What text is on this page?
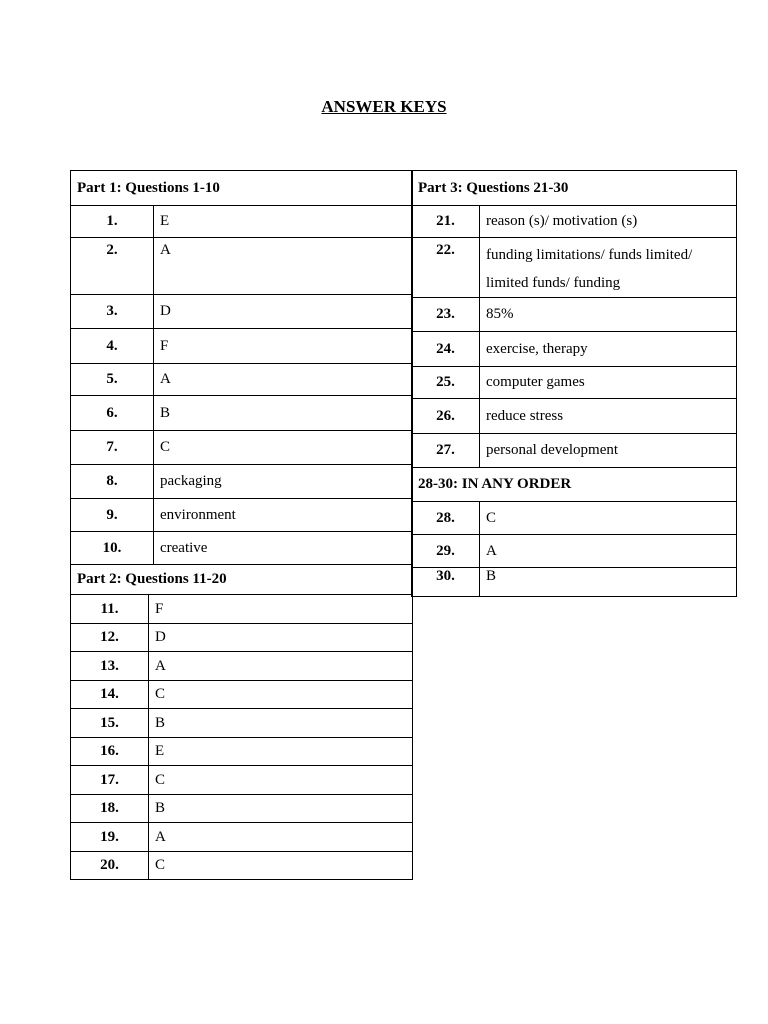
ANSWER KEYS
Part 1: Questions 1-10	
1.	E
2.	A
3.	D
4.	F
5.	A
6.	B
7.	C
8.	packaging
9.	environment
10.	creative
Part 3: Questions 21-30	
21.	reason (s)/ motivation (s)
22.	funding limitations/ funds limited/ limited funds/ funding
23.	85%
24.	exercise, therapy
25.	computer games
26.	reduce stress
27.	personal development
28-30: IN ANY ORDER	
28.	C
29.	A
30.	B
Part 2: Questions 11-20	
11.	F
12.	D
13.	A
14.	C
15.	B
16.	E
17.	C
18.	B
19.	A
20.	C
